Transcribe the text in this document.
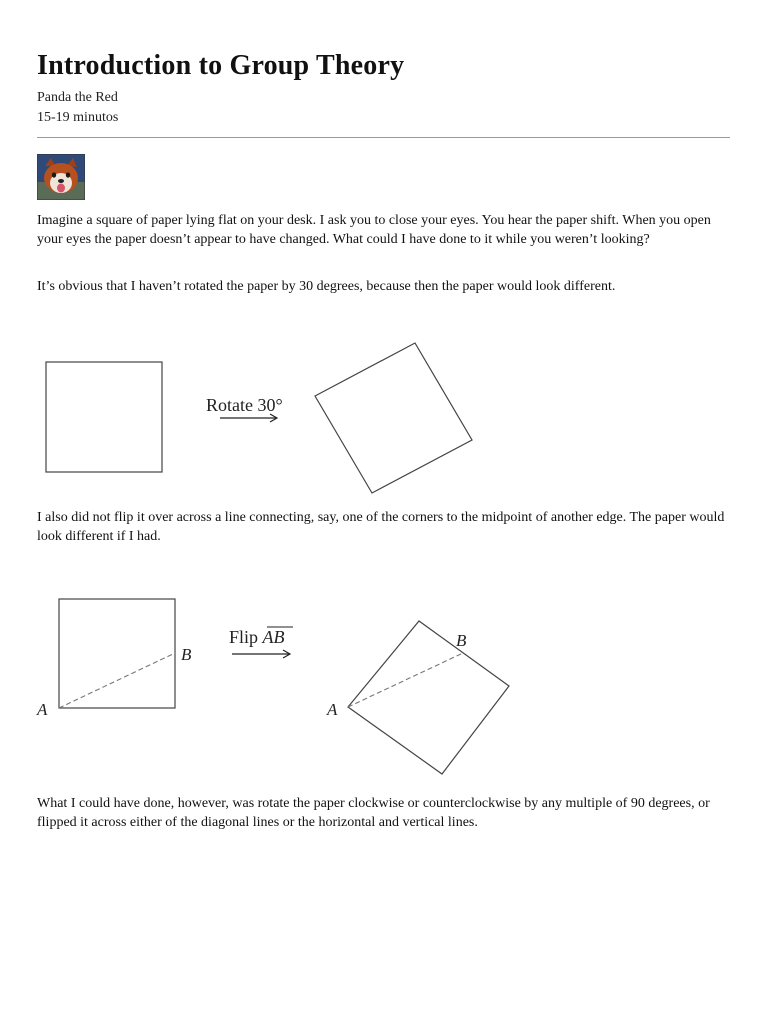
Introduction to Group Theory
Panda the Red
15-19 minutos

Imagine a square of paper lying flat on your desk. I ask you to close your eyes. You hear the paper shift. When you open your eyes the paper doesn’t appear to have changed. What could I have done to it while you weren’t looking?

It’s obvious that I haven’t rotated the paper by 30 degrees, because then the paper would look different.

Rotate 30°

I also did not flip it over across a line connecting, say, one of the corners to the midpoint of another edge. The paper would look different if I had.

A
B
Flip AB
A
B

What I could have done, however, was rotate the paper clockwise or counterclockwise by any multiple of 90 degrees, or flipped it across either of the diagonal lines or the horizontal and vertical lines.
